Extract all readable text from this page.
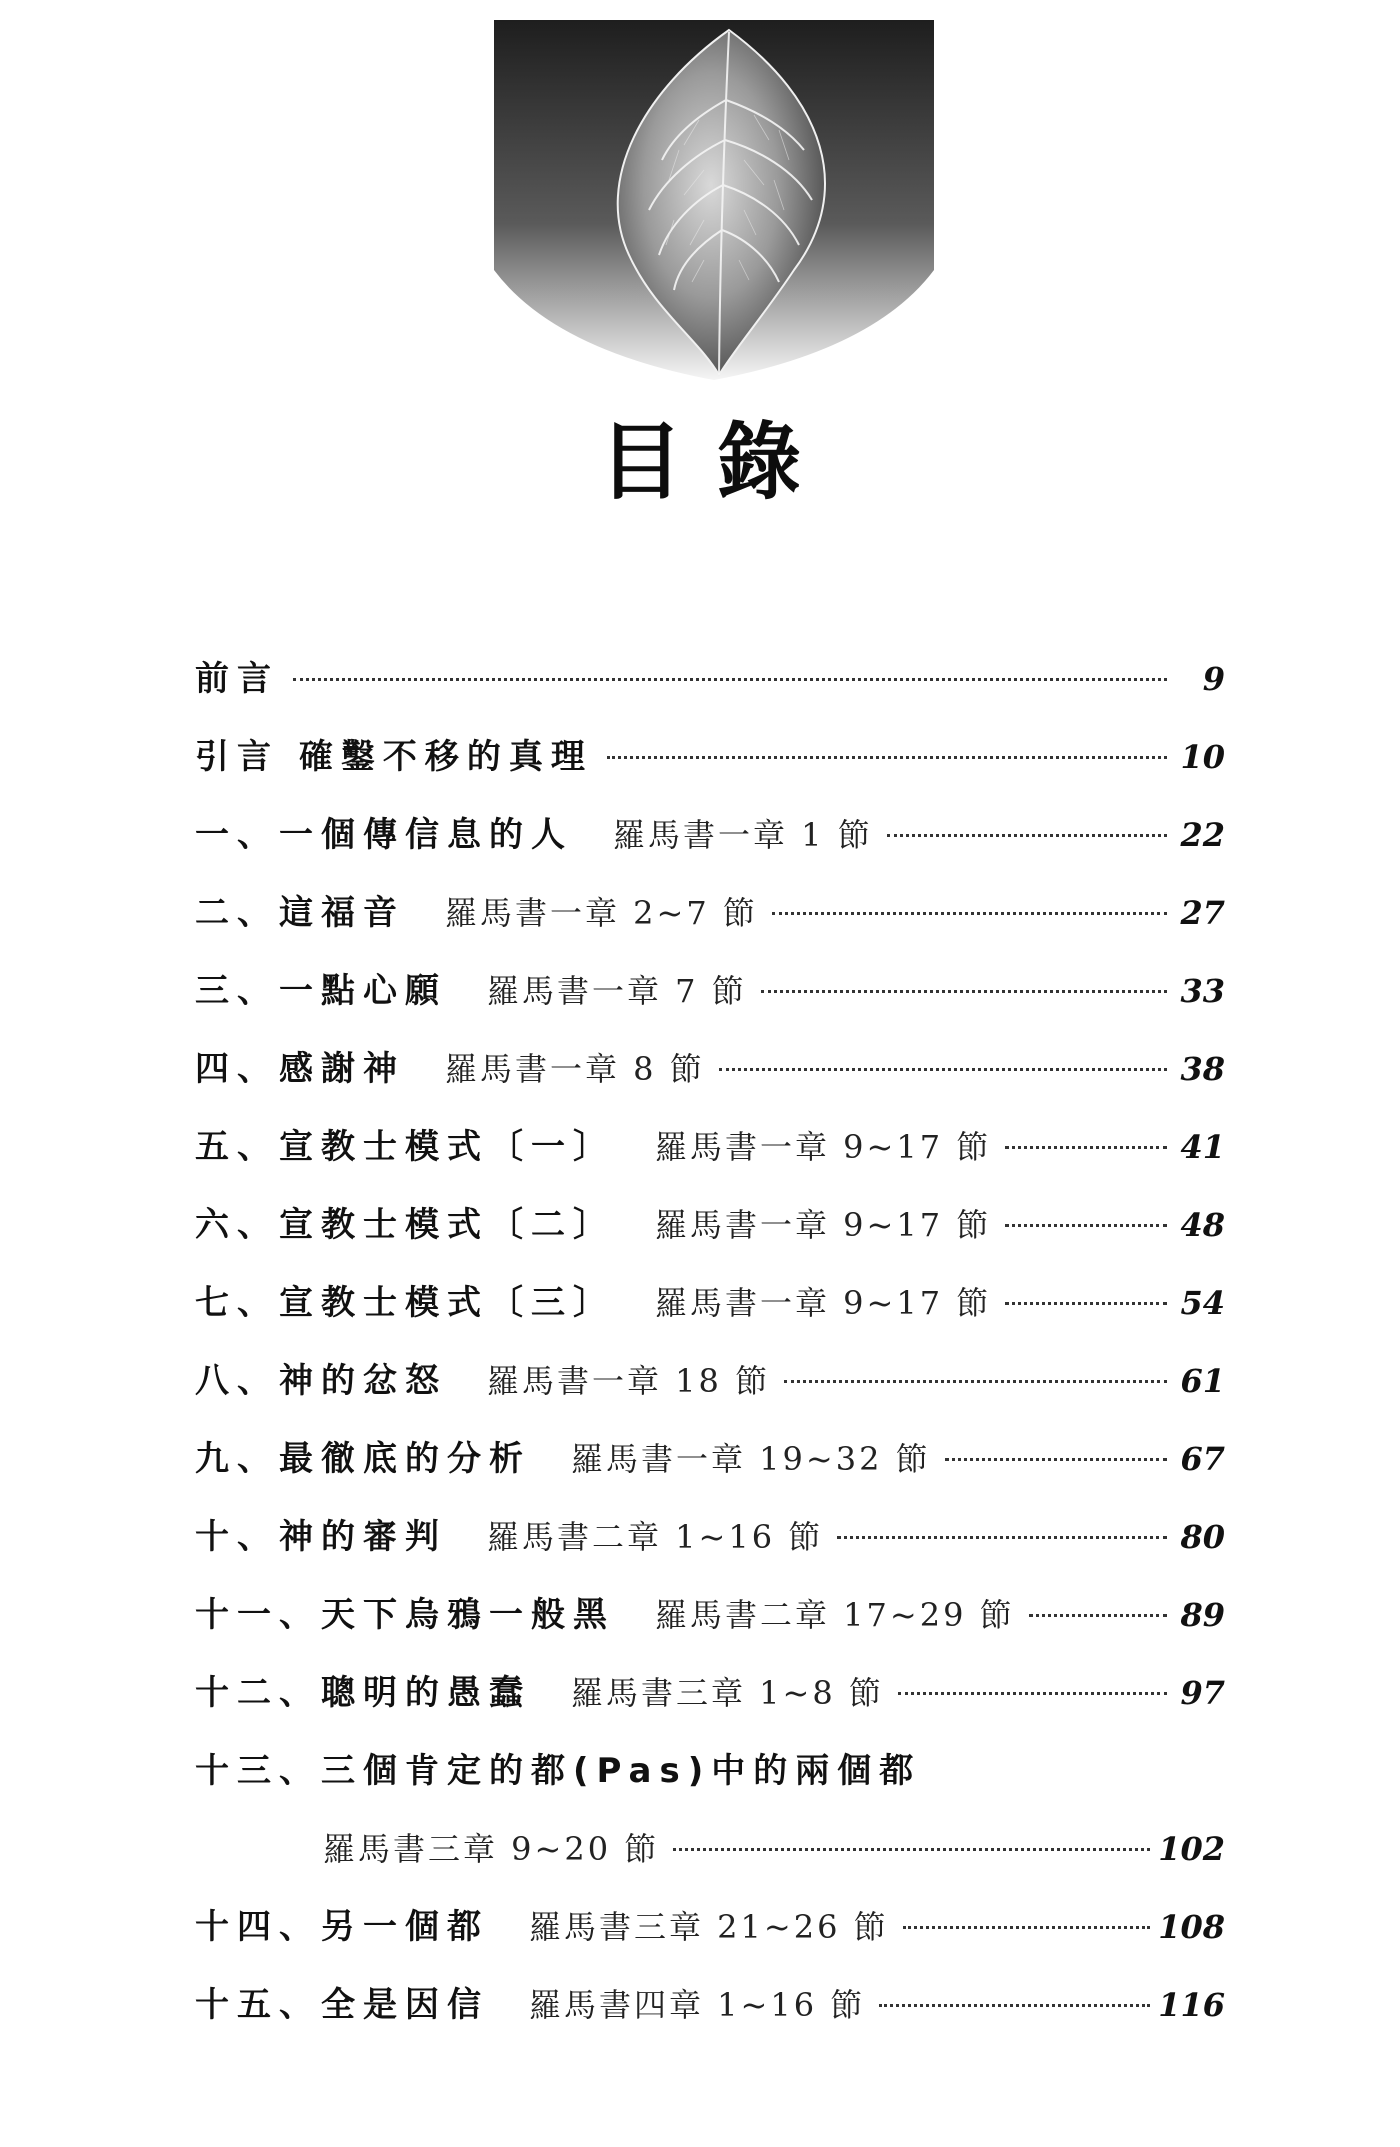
目錄
前言	9
引言 確鑿不移的真理	10
一、一個傳信息的人 羅馬書一章 1 節	22
二、這福音 羅馬書一章 2~7 節	27
三、一點心願 羅馬書一章 7 節	33
四、感謝神 羅馬書一章 8 節	38
五、宣教士模式〔一〕 羅馬書一章 9~17 節	41
六、宣教士模式〔二〕 羅馬書一章 9~17 節	48
七、宣教士模式〔三〕 羅馬書一章 9~17 節	54
八、神的忿怒 羅馬書一章 18 節	61
九、最徹底的分析 羅馬書一章 19~32 節	67
十、神的審判 羅馬書二章 1~16 節	80
十一、天下烏鴉一般黑 羅馬書二章 17~29 節	89
十二、聰明的愚蠢 羅馬書三章 1~8 節	97
十三、三個肯定的都(Pas)中的兩個都
羅馬書三章 9~20 節	102
十四、另一個都 羅馬書三章 21~26 節	108
十五、全是因信 羅馬書四章 1~16 節	116
